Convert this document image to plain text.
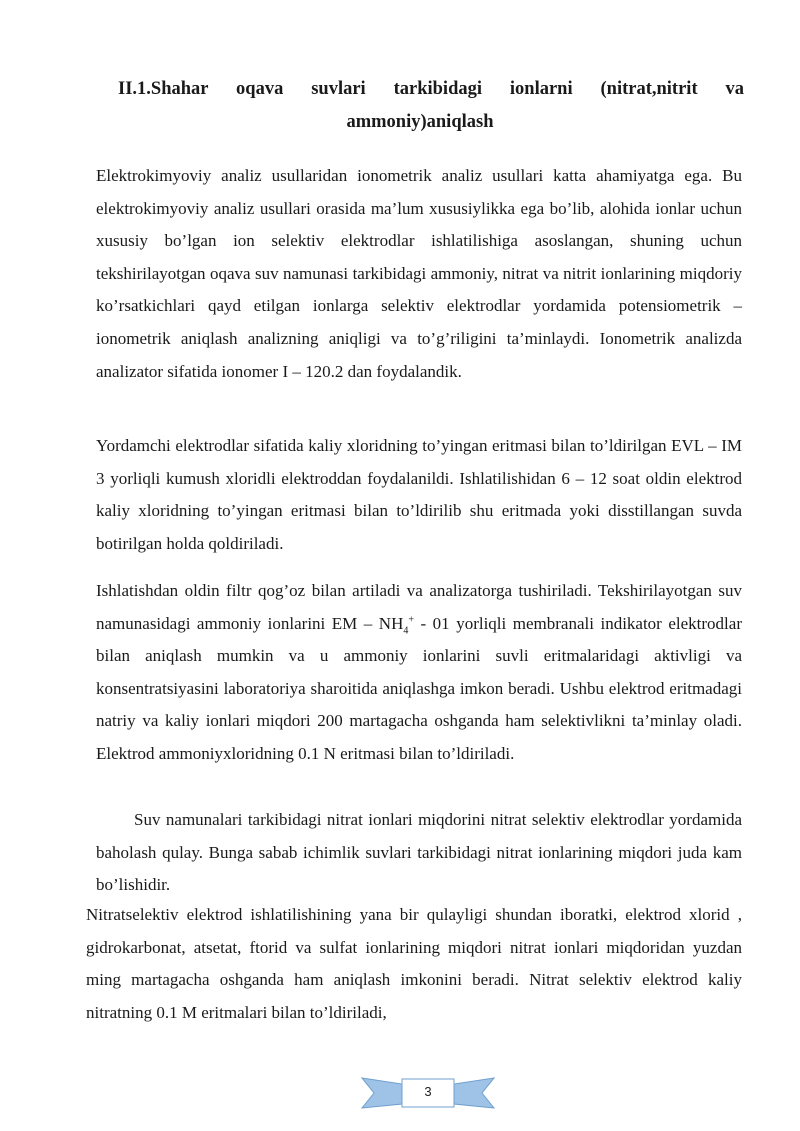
II.1.Shahar oqava suvlari tarkibidagi ionlarni (nitrat,nitrit va
ammoniy)aniqlash

Elektrokimyoviy analiz usullaridan ionometrik analiz usullari katta ahamiyatga ega. Bu elektrokimyoviy analiz usullari orasida ma’lum xususiylikka ega bo’lib, alohida ionlar uchun xususiy bo’lgan ion selektiv elektrodlar ishlatilishiga asoslangan, shuning uchun tekshirilayotgan oqava suv namunasi tarkibidagi ammoniy, nitrat va nitrit ionlarining miqdoriy ko’rsatkichlari qayd etilgan ionlarga selektiv elektrodlar yordamida potensiometrik – ionometrik aniqlash analizning aniqligi va to’g’riligini ta’minlaydi. Ionometrik analizda analizator sifatida ionomer I – 120.2 dan foydalandik.

Yordamchi elektrodlar sifatida kaliy xloridning to’yingan eritmasi bilan to’ldirilgan EVL – IM 3 yorliqli kumush xloridli elektroddan foydalanildi. Ishlatilishidan 6 – 12 soat oldin elektrod kaliy xloridning to’yingan eritmasi bilan to’ldirilib shu eritmada yoki disstillangan suvda botirilgan holda qoldiriladi.

Ishlatishdan oldin filtr qog’oz bilan artiladi va analizatorga tushiriladi. Tekshirilayotgan suv namunasidagi ammoniy ionlarini EM – $NH_4^+ - 01$ yorliqli membranali indikator elektrodlar bilan aniqlash mumkin va u ammoniy ionlarini suvli eritmalaridagi aktivligi va konsentratsiyasini laboratoriya sharoitida aniqlashga imkon beradi. Ushbu elektrod eritmadagi natriy va kaliy ionlari miqdori 200 martagacha oshganda ham selektivlikni ta’minlay oladi. Elektrod ammoniyxloridning 0.1 N eritmasi bilan to’ldiriladi.

Suv namunalari tarkibidagi nitrat ionlari miqdorini nitrat selektiv elektrodlar yordamida baholash qulay. Bunga sabab ichimlik suvlari tarkibidagi nitrat ionlarining miqdori juda kam bo’lishidir.

Nitratselektiv elektrod ishlatilishining yana bir qulayligi shundan iboratki, elektrod xlorid , gidrokarbonat, atsetat, ftorid va sulfat ionlarining miqdori nitrat ionlari miqdoridan yuzdan ming martagacha oshganda ham aniqlash imkonini beradi. Nitrat selektiv elektrod kaliy nitratning 0.1 M eritmalari bilan to’ldiriladi,

3
